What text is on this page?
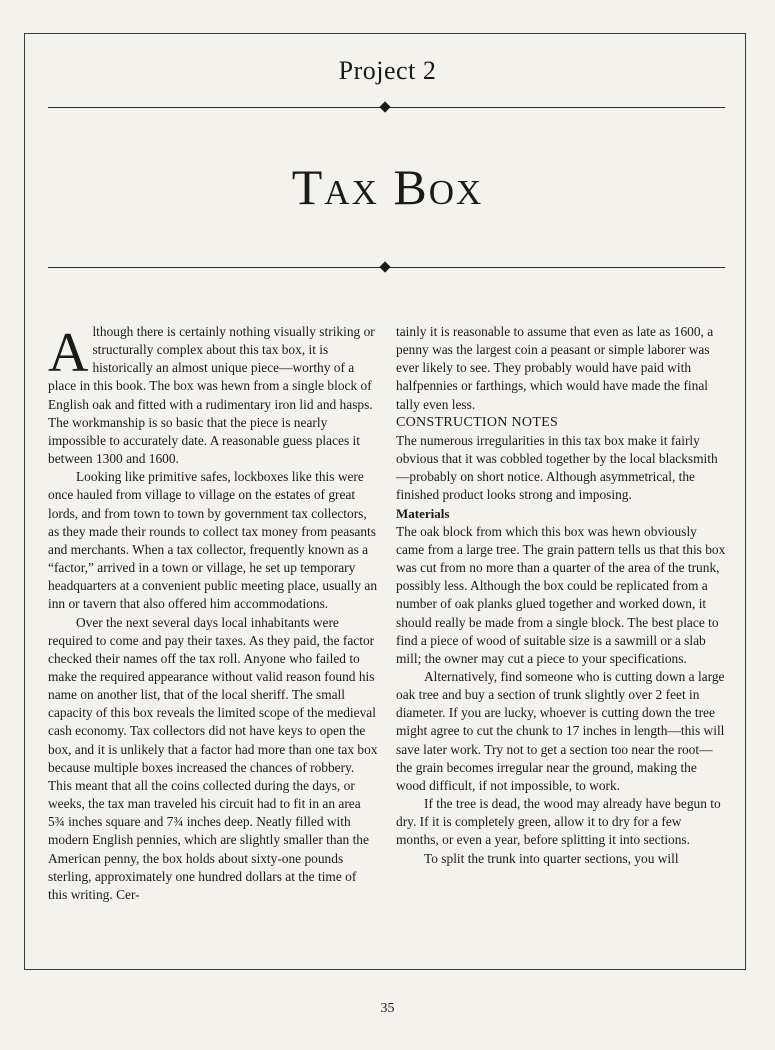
Project 2
Tax Box

Although there is certainly nothing visually striking or structurally complex about this tax box, it is historically an almost unique piece—worthy of a place in this book. The box was hewn from a single block of English oak and fitted with a rudimentary iron lid and hasps. The workmanship is so basic that the piece is nearly impossible to accurately date. A reasonable guess places it between 1300 and 1600.

Looking like primitive safes, lockboxes like this were once hauled from village to village on the estates of great lords, and from town to town by government tax collectors, as they made their rounds to collect tax money from peasants and merchants. When a tax collector, frequently known as a “factor,” arrived in a town or village, he set up temporary headquarters at a convenient public meeting place, usually an inn or tavern that also offered him accommodations.

Over the next several days local inhabitants were required to come and pay their taxes. As they paid, the factor checked their names off the tax roll. Anyone who failed to make the required appearance without valid reason found his name on another list, that of the local sheriff. The small capacity of this box reveals the limited scope of the medieval cash economy. Tax collectors did not have keys to open the box, and it is unlikely that a factor had more than one tax box because multiple boxes increased the chances of robbery. This meant that all the coins collected during the days, or weeks, the tax man traveled his circuit had to fit in an area 5¾ inches square and 7¾ inches deep. Neatly filled with modern English pennies, which are slightly smaller than the American penny, the box holds about sixty-one pounds sterling, approximately one hundred dollars at the time of this writing. Cer-

tainly it is reasonable to assume that even as late as 1600, a penny was the largest coin a peasant or simple laborer was ever likely to see. They probably would have paid with halfpennies or farthings, which would have made the final tally even less.

CONSTRUCTION NOTES

The numerous irregularities in this tax box make it fairly obvious that it was cobbled together by the local blacksmith—probably on short notice. Although asymmetrical, the finished product looks strong and imposing.

Materials

The oak block from which this box was hewn obviously came from a large tree. The grain pattern tells us that this box was cut from no more than a quarter of the area of the trunk, possibly less. Although the box could be replicated from a number of oak planks glued together and worked down, it should really be made from a single block. The best place to find a piece of wood of suitable size is a sawmill or a slab mill; the owner may cut a piece to your specifications.

Alternatively, find someone who is cutting down a large oak tree and buy a section of trunk slightly over 2 feet in diameter. If you are lucky, whoever is cutting down the tree might agree to cut the chunk to 17 inches in length—this will save later work. Try not to get a section too near the root—the grain becomes irregular near the ground, making the wood difficult, if not impossible, to work.

If the tree is dead, the wood may already have begun to dry. If it is completely green, allow it to dry for a few months, or even a year, before splitting it into sections.

To split the trunk into quarter sections, you will

35
